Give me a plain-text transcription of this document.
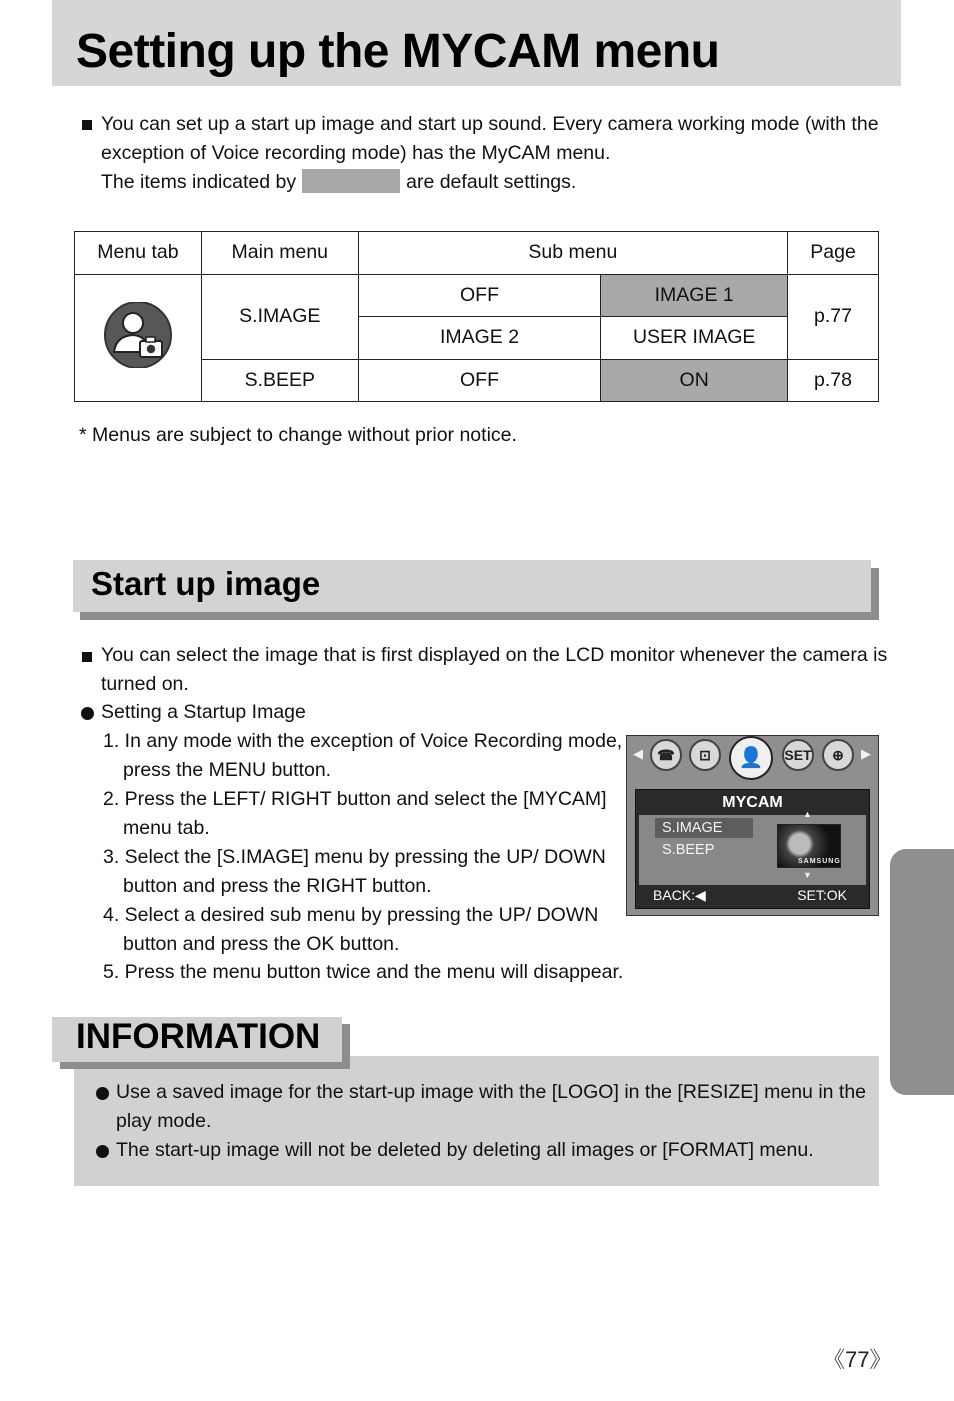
Setting up the MYCAM menu
You can set up a start up image and start up sound. Every camera working mode (with the
exception of Voice recording mode) has the MyCAM menu.
The items indicated by	are default settings.
Menu tab	Main menu	Sub menu		Page
	S.IMAGE	OFF	IMAGE 1	p.77
		IMAGE 2	USER IMAGE	
	S.BEEP	OFF	ON	p.78
* Menus are subject to change without prior notice.
Start up image
You can select the image that is first displayed on the LCD monitor whenever the camera is
turned on.
Setting a Startup Image
1. In any mode with the exception of Voice Recording mode,
press the MENU button.
2. Press the LEFT/ RIGHT button and select the [MYCAM]
menu tab.
3. Select the [S.IMAGE] menu by pressing the UP/ DOWN
button and press the RIGHT button.
4. Select a desired sub menu by pressing the UP/ DOWN
button and press the OK button.
5. Press the menu button twice and the menu will disappear.
◀	☎	⊡	👤	SET	⊕	▶
MYCAM
S.IMAGE
S.BEEP
▲
SAMSUNG
▼
BACK:◀	SET:OK
INFORMATION
Use a saved image for the start-up image with the [LOGO] in the [RESIZE] menu in the
play mode.
The start-up image will not be deleted by deleting all images or [FORMAT] menu.
《77》
